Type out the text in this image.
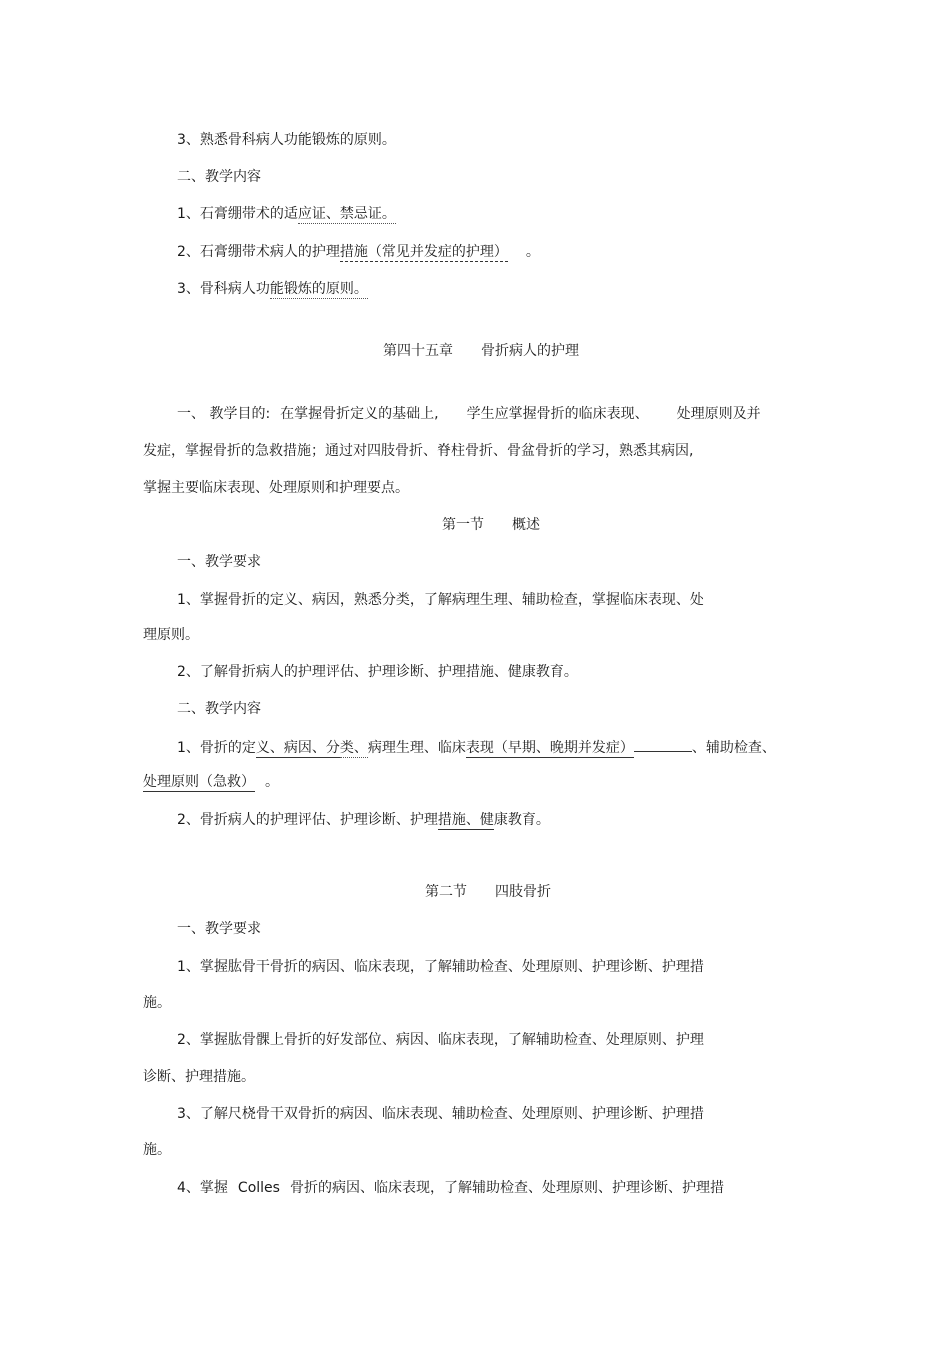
3、熟悉骨科病人功能锻炼的原则。
二、教学内容
1、石膏绷带术的适应证、禁忌证。
2、石膏绷带术病人的护理措施（常见并发症的护理） 。
3、骨科病人功能锻炼的原则。
第四十五章 骨折病人的护理
一、 教学目的: 在掌握骨折定义的基础上, 学生应掌握骨折的临床表现、 处理原则及并
发症，掌握骨折的急救措施；通过对四肢骨折、脊柱骨折、骨盆骨折的学习，熟悉其病因,
掌握主要临床表现、处理原则和护理要点。
第一节 概述
一、教学要求
1、掌握骨折的定义、病因，熟悉分类，了解病理生理、辅助检查，掌握临床表现、处
理原则。
2、了解骨折病人的护理评估、护理诊断、护理措施、健康教育。
二、教学内容
1、骨折的定义、病因、分类、病理生理、临床表现（早期、晚期并发症）	、辅助检查、
处理原则（急救） 。
2、骨折病人的护理评估、护理诊断、护理措施、健康教育。
第二节 四肢骨折
一、教学要求
1、掌握肱骨干骨折的病因、临床表现，了解辅助检查、处理原则、护理诊断、护理措
施。
2、掌握肱骨髁上骨折的好发部位、病因、临床表现，了解辅助检查、处理原则、护理
诊断、护理措施。
3、了解尺桡骨干双骨折的病因、临床表现、辅助检查、处理原则、护理诊断、护理措
施。
4、掌握 Colles 骨折的病因、临床表现，了解辅助检查、处理原则、护理诊断、护理措
